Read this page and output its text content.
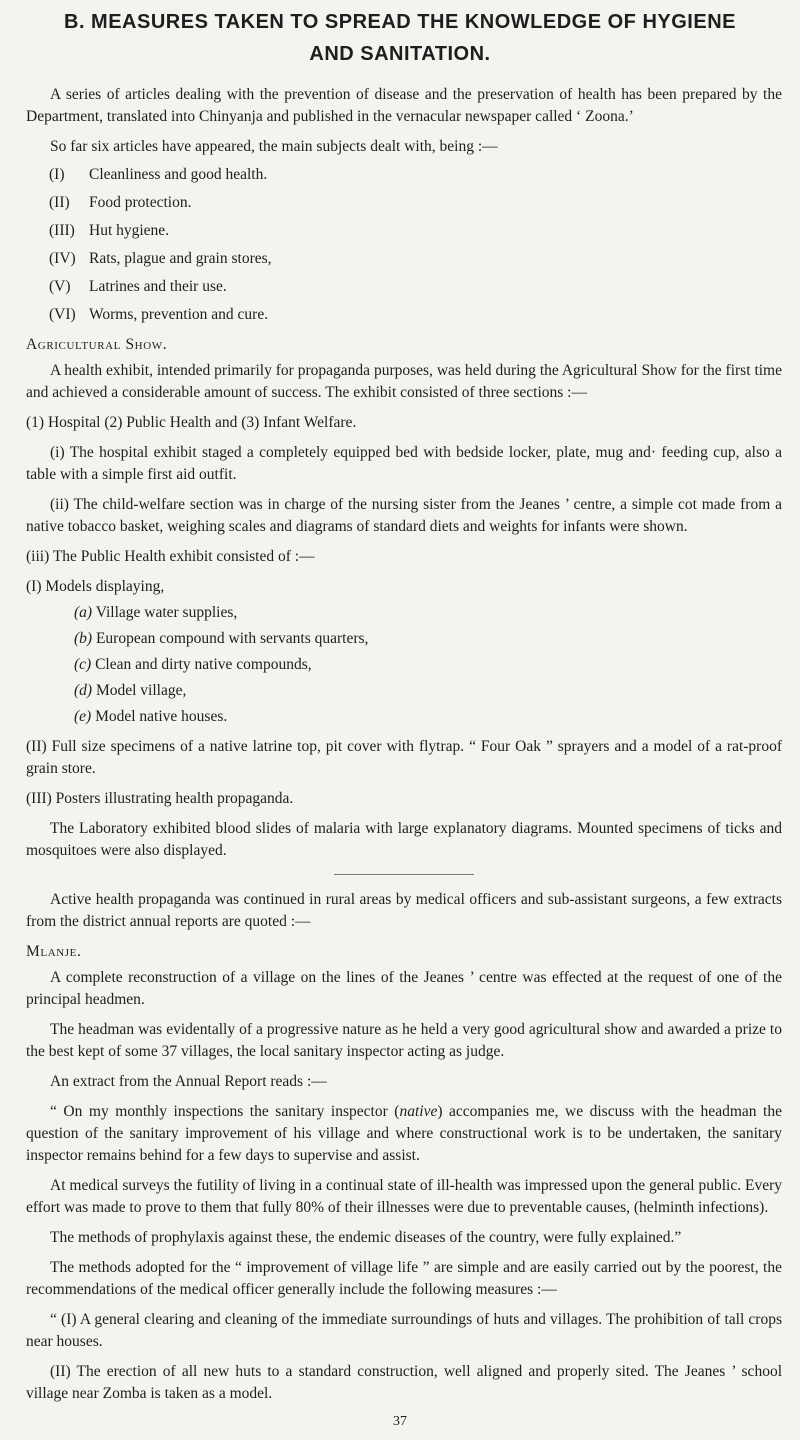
B. MEASURES TAKEN TO SPREAD THE KNOWLEDGE OF HYGIENE
AND SANITATION.

A series of articles dealing with the prevention of disease and the preservation of health has been prepared by the Department, translated into Chinyanja and published in the vernacular newspaper called ‘ Zoona.’

So far six articles have appeared, the main subjects dealt with, being :—

(I)	Cleanliness and good health.
(II)	Food protection.
(III) Hut hygiene.
(IV) Rats, plague and grain stores,
(V)	Latrines and their use.
(VI) Worms, prevention and cure.

Agricultural Show.

A health exhibit, intended primarily for propaganda purposes, was held during the Agricultural Show for the first time and achieved a considerable amount of success. The exhibit consisted of three sections :—

(1) Hospital (2) Public Health and (3) Infant Welfare.

(i) The hospital exhibit staged a completely equipped bed with bedside locker, plate, mug and· feeding cup, also a table with a simple first aid outfit.

(ii) The child-welfare section was in charge of the nursing sister from the Jeanes ’ centre, a simple cot made from a native tobacco basket, weighing scales and diagrams of standard diets and weights for infants were shown.

(iii) The Public Health exhibit consisted of :—

(I) Models displaying,

(a) Village water supplies,
(b) European compound with servants quarters,
(c) Clean and dirty native compounds,
(d) Model village,
(e) Model native houses.

(II) Full size specimens of a native latrine top, pit cover with flytrap. “ Four Oak ” sprayers and a model of a rat-proof grain store.

(III) Posters illustrating health propaganda.

The Laboratory exhibited blood slides of malaria with large explanatory diagrams. Mounted specimens of ticks and mosquitoes were also displayed.

Active health propaganda was continued in rural areas by medical officers and sub-assistant surgeons, a few extracts from the district annual reports are quoted :—

Mlanje.

A complete reconstruction of a village on the lines of the Jeanes ’ centre was effected at the request of one of the principal headmen.

The headman was evidentally of a progressive nature as he held a very good agricultural show and awarded a prize to the best kept of some 37 villages, the local sanitary inspector acting as judge.

An extract from the Annual Report reads :—

“ On my monthly inspections the sanitary inspector (native) accompanies me, we discuss with the headman the question of the sanitary improvement of his village and where constructional work is to be undertaken, the sanitary inspector remains behind for a few days to supervise and assist.

At medical surveys the futility of living in a continual state of ill-health was impressed upon the general public. Every effort was made to prove to them that fully 80% of their illnesses were due to preventable causes, (helminth infections).

The methods of prophylaxis against these, the endemic diseases of the country, were fully explained.”

The methods adopted for the “ improvement of village life ” are simple and are easily carried out by the poorest, the recommendations of the medical officer generally include the following measures :—

“ (I) A general clearing and cleaning of the immediate surroundings of huts and villages. The prohibition of tall crops near houses.

(II) The erection of all new huts to a standard construction, well aligned and properly sited. The Jeanes ’ school village near Zomba is taken as a model.

37
